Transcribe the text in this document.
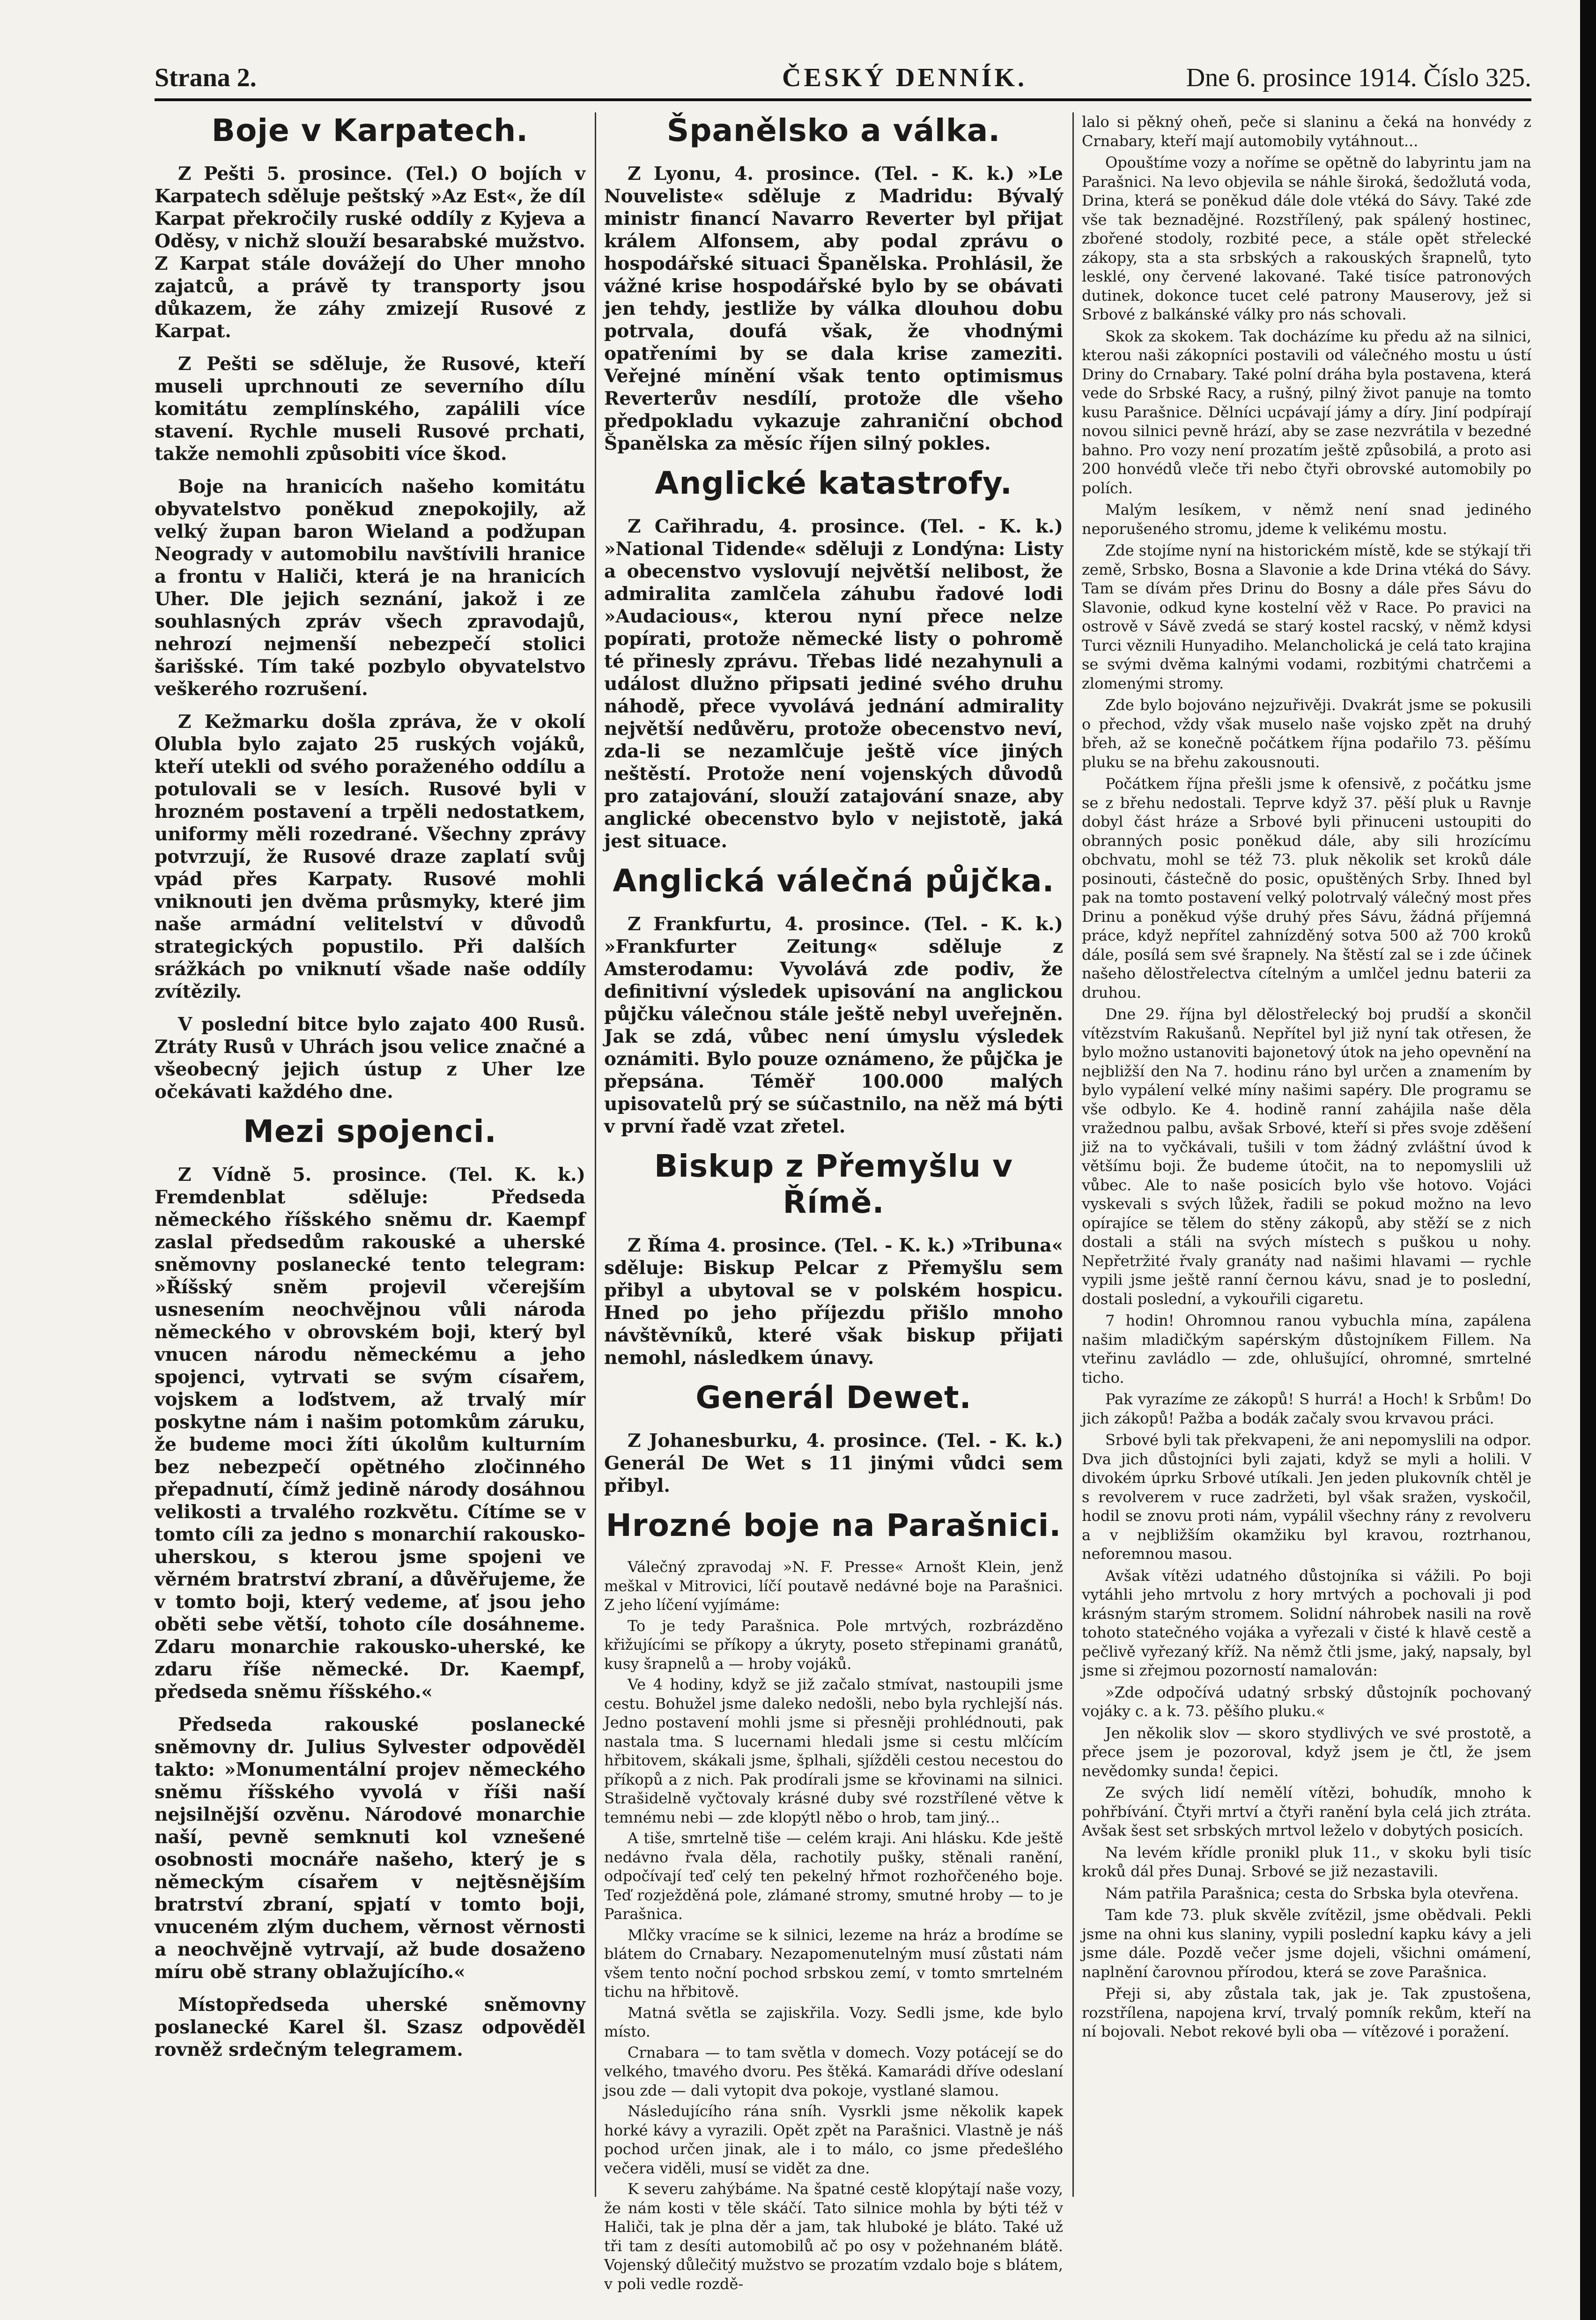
Strana 2.	ČESKÝ DENNÍK.	Dne 6. prosince 1914. Číslo 325.
Boje v Karpatech.

Z Pešti 5. prosince. (Tel.) O bojích v Karpatech sděluje peštský »Az Est«, že díl Karpat překročily ruské oddíly z Kyjeva a Oděsy, v nichž slouží besarabské mužstvo. Z Karpat stále dovážejí do Uher mnoho zajatců, a právě ty transporty jsou důkazem, že záhy zmizejí Rusové z Karpat.

Z Pešti se sděluje, že Rusové, kteří museli uprchnouti ze severního dílu komitátu zemplínského, zapálili více stavení. Rychle museli Rusové prchati, takže nemohli způsobiti více škod.

Boje na hranicích našeho komitátu obyvatelstvo poněkud znepokojily, až velký župan baron Wieland a podžupan Neogrady v automobilu navštívili hranice a frontu v Haliči, která je na hranicích Uher. Dle jejich seznání, jakož i ze souhlasných zpráv všech zpravodajů, nehrozí nejmenší nebezpečí stolici šarišské. Tím také pozbylo obyvatelstvo veškerého rozrušení.

Z Kežmarku došla zpráva, že v okolí Olubla bylo zajato 25 ruských vojáků, kteří utekli od svého poraženého oddílu a potulovali se v lesích. Rusové byli v hrozném postavení a trpěli nedostatkem, uniformy měli rozedrané. Všechny zprávy potvrzují, že Rusové draze zaplatí svůj vpád přes Karpaty. Rusové mohli vniknouti jen dvěma průsmyky, které jim naše armádní velitelství v důvodů strategických popustilo. Při dalších srážkách po vniknutí všade naše oddíly zvítězily.

V poslední bitce bylo zajato 400 Rusů. Ztráty Rusů v Uhrách jsou velice značné a všeobecný jejich ústup z Uher lze očekávati každého dne.

Mezi spojenci.

Z Vídně 5. prosince. (Tel. K. k.) Fremdenblat sděluje: Předseda německého říšského sněmu dr. Kaempf zaslal předsedům rakouské a uherské sněmovny poslanecké tento telegram: »Říšský sněm projevil včerejším usnesením neochvějnou vůli národa německého v obrovském boji, který byl vnucen národu německému a jeho spojenci, vytrvati se svým císařem, vojskem a loďstvem, až trvalý mír poskytne nám i našim potomkům záruku, že budeme moci žíti úkolům kulturním bez nebezpečí opětného zločinného přepadnutí, čímž jedině národy dosáhnou velikosti a trvalého rozkvětu. Cítíme se v tomto cíli za jedno s monarchií rakousko-uherskou, s kterou jsme spojeni ve věrném bratrství zbraní, a důvěřujeme, že v tomto boji, který vedeme, ať jsou jeho oběti sebe větší, tohoto cíle dosáhneme. Zdaru monarchie rakousko-uherské, ke zdaru říše německé. Dr. Kaempf, předseda sněmu říšského.«

Předseda rakouské poslanecké sněmovny dr. Julius Sylvester odpověděl takto: »Monumentální projev německého sněmu říšského vyvolá v říši naší nejsilnější ozvěnu. Národové monarchie naší, pevně semknuti kol vznešené osobnosti mocnáře našeho, který je s německým císařem v nejtěsnějším bratrství zbraní, spjatí v tomto boji, vnuceném zlým duchem, věrnost věrnosti a neochvějně vytrvají, až bude dosaženo míru obě strany oblažujícího.«

Místopředseda uherské sněmovny poslanecké Karel šl. Szasz odpověděl rovněž srdečným telegramem.

Španělsko a válka.

Z Lyonu, 4. prosince. (Tel. - K. k.) »Le Nouveliste« sděluje z Madridu: Bývalý ministr financí Navarro Reverter byl přijat králem Alfonsem, aby podal zprávu o hospodářské situaci Španělska. Prohlásil, že vážné krise hospodářské bylo by se obávati jen tehdy, jestliže by válka dlouhou dobu potrvala, doufá však, že vhodnými opatřeními by se dala krise zameziti. Veřejné mínění však tento optimismus Reverterův nesdílí, protože dle všeho předpokladu vykazuje zahraniční obchod Španělska za měsíc říjen silný pokles.

Anglické katastrofy.

Z Cařihradu, 4. prosince. (Tel. - K. k.) »National Tidende« sděluji z Londýna: Listy a obecenstvo vyslovují největší nelibost, že admiralita zamlčela záhubu řadové lodi »Audacious«, kterou nyní přece nelze popírati, protože německé listy o pohromě té přinesly zprávu. Třebas lidé nezahynuli a událost dlužno připsati jediné svého druhu náhodě, přece vyvolává jednání admirality největší nedůvěru, protože obecenstvo neví, zda-li se nezamlčuje ještě více jiných neštěstí. Protože není vojenských důvodů pro zatajování, slouží zatajování snaze, aby anglické obecenstvo bylo v nejistotě, jaká jest situace.

Anglická válečná půjčka.

Z Frankfurtu, 4. prosince. (Tel. - K. k.) »Frankfurter Zeitung« sděluje z Amsterodamu: Vyvolává zde podiv, že definitivní výsledek upisování na anglickou půjčku válečnou stále ještě nebyl uveřejněn. Jak se zdá, vůbec není úmyslu výsledek oznámiti. Bylo pouze oznámeno, že půjčka je přepsána. Téměř 100.000 malých upisovatelů prý se súčastnilo, na něž má býti v první řadě vzat zřetel.

Biskup z Přemyšlu v Římě.

Z Říma 4. prosince. (Tel. - K. k.) »Tribuna« sděluje: Biskup Pelcar z Přemyšlu sem přibyl a ubytoval se v polském hospicu. Hned po jeho příjezdu přišlo mnoho návštěvníků, které však biskup přijati nemohl, následkem únavy.

Generál Dewet.

Z Johanesburku, 4. prosince. (Tel. - K. k.) Generál De Wet s 11 jinými vůdci sem přibyl.

Hrozné boje na Parašnici.

Válečný zpravodaj »N. F. Presse« Arnošt Klein, jenž meškal v Mitrovici, líčí poutavě nedávné boje na Parašnici. Z jeho líčení vyjímáme:

To je tedy Parašnica. Pole mrtvých, rozbrázděno křižujícími se příkopy a úkryty, poseto střepinami granátů, kusy šrapnelů a — hroby vojáků.

Ve 4 hodiny, když se již začalo stmívat, nastoupili jsme cestu. Bohužel jsme daleko nedošli, nebo byla rychlejší nás. Jedno postavení mohli jsme si přesněji prohlédnouti, pak nastala tma. S lucernami hledali jsme si cestu mlčícím hřbitovem, skákali jsme, šplhali, sjížděli cestou necestou do příkopů a z nich. Pak prodírali jsme se křovinami na silnici. Strašidelně vyčtovaly krásné duby své rozstřílené větve k temnému nebi — zde klopýtl něbo o hrob, tam jiný...

A tiše, smrtelně tiše — celém kraji. Ani hlásku. Kde ještě nedávno řvala děla, rachotily pušky, stěnali ranění, odpočívají teď celý ten pekelný hřmot rozhořčeného boje. Teď rozježděná pole, zlámané stromy, smutné hroby — to je Parašnica.

Mlčky vracíme se k silnici, lezeme na hráz a brodíme se blátem do Crnabary. Nezapomenutelným musí zůstati nám všem tento noční pochod srbskou zemí, v tomto smrtelném tichu na hřbitově.

Matná světla se zajiskřila. Vozy. Sedli jsme, kde bylo místo.

Crnabara — to tam světla v domech. Vozy potácejí se do velkého, tmavého dvoru. Pes štěká. Kamarádi dříve odeslaní jsou zde — dali vytopit dva pokoje, vystlané slamou.

Následujícího rána sníh. Vysrkli jsme několik kapek horké kávy a vyrazili. Opět zpět na Parašnici. Vlastně je náš pochod určen jinak, ale i to málo, co jsme předešlého večera viděli, musí se vidět za dne.

K severu zahýbáme. Na špatné cestě klopýtají naše vozy, že nám kosti v těle skáčí. Tato silnice mohla by býti též v Haliči, tak je plna děr a jam, tak hluboké je bláto. Také už tři tam z desíti automobilů ač po osy v požehnaném blátě. Vojenský důlečitý mužstvo se prozatím vzdalo boje s blátem, v poli vedle rozdě-

lalo si pěkný oheň, peče si slaninu a čeká na honvédy z Crnabary, kteří mají automobily vytáhnout...

Opouštíme vozy a noříme se opětně do labyrintu jam na Parašnici. Na levo objevila se náhle široká, šedožlutá voda, Drina, která se poněkud dále dole vtéká do Sávy. Také zde vše tak beznadějné. Rozstřílený, pak spálený hostinec, zbořené stodoly, rozbité pece, a stále opět střelecké zákopy, sta a sta srbských a rakouských šrapnelů, tyto lesklé, ony červené lakované. Také tisíce patronových dutinek, dokonce tucet celé patrony Mauserovy, jež si Srbové z balkánské války pro nás schovali.

Skok za skokem. Tak docházíme ku předu až na silnici, kterou naši zákopníci postavili od válečného mostu u ústí Driny do Crnabary. Také polní dráha byla postavena, která vede do Srbské Racy, a rušný, pilný život panuje na tomto kusu Parašnice. Dělníci ucpávají jámy a díry. Jiní podpírají novou silnici pevně hrází, aby se zase nezvrátila v bezedné bahno. Pro vozy není prozatím ještě způsobilá, a proto asi 200 honvédů vleče tři nebo čtyři obrovské automobily po polích.

Malým lesíkem, v němž není snad jediného neporušeného stromu, jdeme k velikému mostu.

Zde stojíme nyní na historickém místě, kde se stýkají tři země, Srbsko, Bosna a Slavonie a kde Drina vtéká do Sávy. Tam se dívám přes Drinu do Bosny a dále přes Sávu do Slavonie, odkud kyne kostelní věž v Race. Po pravici na ostrově v Sávě zvedá se starý kostel racský, v němž kdysi Turci věznili Hunyadiho. Melancholická je celá tato krajina se svými dvěma kalnými vodami, rozbitými chatrčemi a zlomenými stromy.

Zde bylo bojováno nejzuřivěji. Dvakrát jsme se pokusili o přechod, vždy však muselo naše vojsko zpět na druhý břeh, až se konečně počátkem října podařilo 73. pěšímu pluku se na břehu zakousnouti.

Počátkem října přešli jsme k ofensivě, z počátku jsme se z břehu nedostali. Teprve když 37. pěší pluk u Ravnje dobyl část hráze a Srbové byli přinuceni ustoupiti do obranných posic poněkud dále, aby sili hrozícímu obchvatu, mohl se též 73. pluk několik set kroků dále posinouti, částečně do posic, opuštěných Srby. Ihned byl pak na tomto postavení velký polotrvalý válečný most přes Drinu a poněkud výše druhý přes Sávu, žádná příjemná práce, když nepřítel zahnízděný sotva 500 až 700 kroků dále, posílá sem své šrapnely. Na štěstí zal se i zde účinek našeho dělostřelectva cítelným a umlčel jednu baterii za druhou.

Dne 29. října byl dělostřelecký boj prudší a skončil vítězstvím Rakušanů. Nepřítel byl již nyní tak otřesen, že bylo možno ustanoviti bajonetový útok na jeho opevnění na nejbližší den Na 7. hodinu ráno byl určen a znamením by bylo vypálení velké míny našimi sapéry. Dle programu se vše odbylo. Ke 4. hodině ranní zahájila naše děla vražednou palbu, avšak Srbové, kteří si přes svoje zděšení již na to vyčkávali, tušili v tom žádný zvláštní úvod k většímu boji. Že budeme útočit, na to nepomyslili už vůbec. Ale to naše posicích bylo vše hotovo. Vojáci vyskevali s svých lůžek, řadili se pokud možno na levo opírajíce se tělem do stěny zákopů, aby stěží se z nich dostali a stáli na svých místech s puškou u nohy. Nepřetržité řvaly granáty nad našimi hlavami — rychle vypili jsme ještě ranní černou kávu, snad je to poslední, dostali poslední, a vykouřili cigaretu.

7 hodin! Ohromnou ranou vybuchla mína, zapálena našim mladičkým sapérským důstojníkem Fillem. Na vteřinu zavládlo — zde, ohlušující, ohromné, smrtelné ticho.

Pak vyrazíme ze zákopů! S hurrá! a Hoch! k Srbům! Do jich zákopů! Pažba a bodák začaly svou krvavou práci.

Srbové byli tak překvapeni, že ani nepomyslili na odpor. Dva jich důstojníci byli zajati, když se myli a holili. V divokém úprku Srbové utíkali. Jen jeden plukovník chtěl je s revolverem v ruce zadržeti, byl však sražen, vyskočil, hodil se znovu proti nám, vypálil všechny rány z revolveru a v nejbližším okamžiku byl kravou, roztrhanou, neforemnou masou.

Avšak vítězi udatného důstojníka si vážili. Po boji vytáhli jeho mrtvolu z hory mrtvých a pochovali ji pod krásným starým stromem. Solidní náhrobek nasili na rově tohoto statečného vojáka a vyřezali v čisté k hlavě cestě a pečlivě vyřezaný kříž. Na němž čtli jsme, jaký, napsaly, byl jsme si zřejmou pozorností namalován:

»Zde odpočívá udatný srbský důstojník pochovaný vojáky c. a k. 73. pěšího pluku.«

Jen několik slov — skoro stydlivých ve své prostotě, a přece jsem je pozoroval, když jsem je čtl, že jsem nevědomky sunda! čepici.

Ze svých lidí nemělí vítězi, bohudík, mnoho k pohřbívání. Čtyři mrtví a čtyři ranění byla celá jich ztráta. Avšak šest set srbských mrtvol leželo v dobytých posicích.

Na levém křídle pronikl pluk 11., v skoku byli tisíc kroků dál přes Dunaj. Srbové se již nezastavili.

Nám patřila Parašnica; cesta do Srbska byla otevřena.

Tam kde 73. pluk skvěle zvítězil, jsme obědvali. Pekli jsme na ohni kus slaniny, vypili poslední kapku kávy a jeli jsme dále. Pozdě večer jsme dojeli, všichni omámení, naplnění čarovnou přírodou, která se zove Parašnica.

Přeji si, aby zůstala tak, jak je. Tak zpustošena, rozstřílena, napojena krví, trvalý pomník rekům, kteří na ní bojovali. Nebot rekové byli oba — vítězové i poražení.
